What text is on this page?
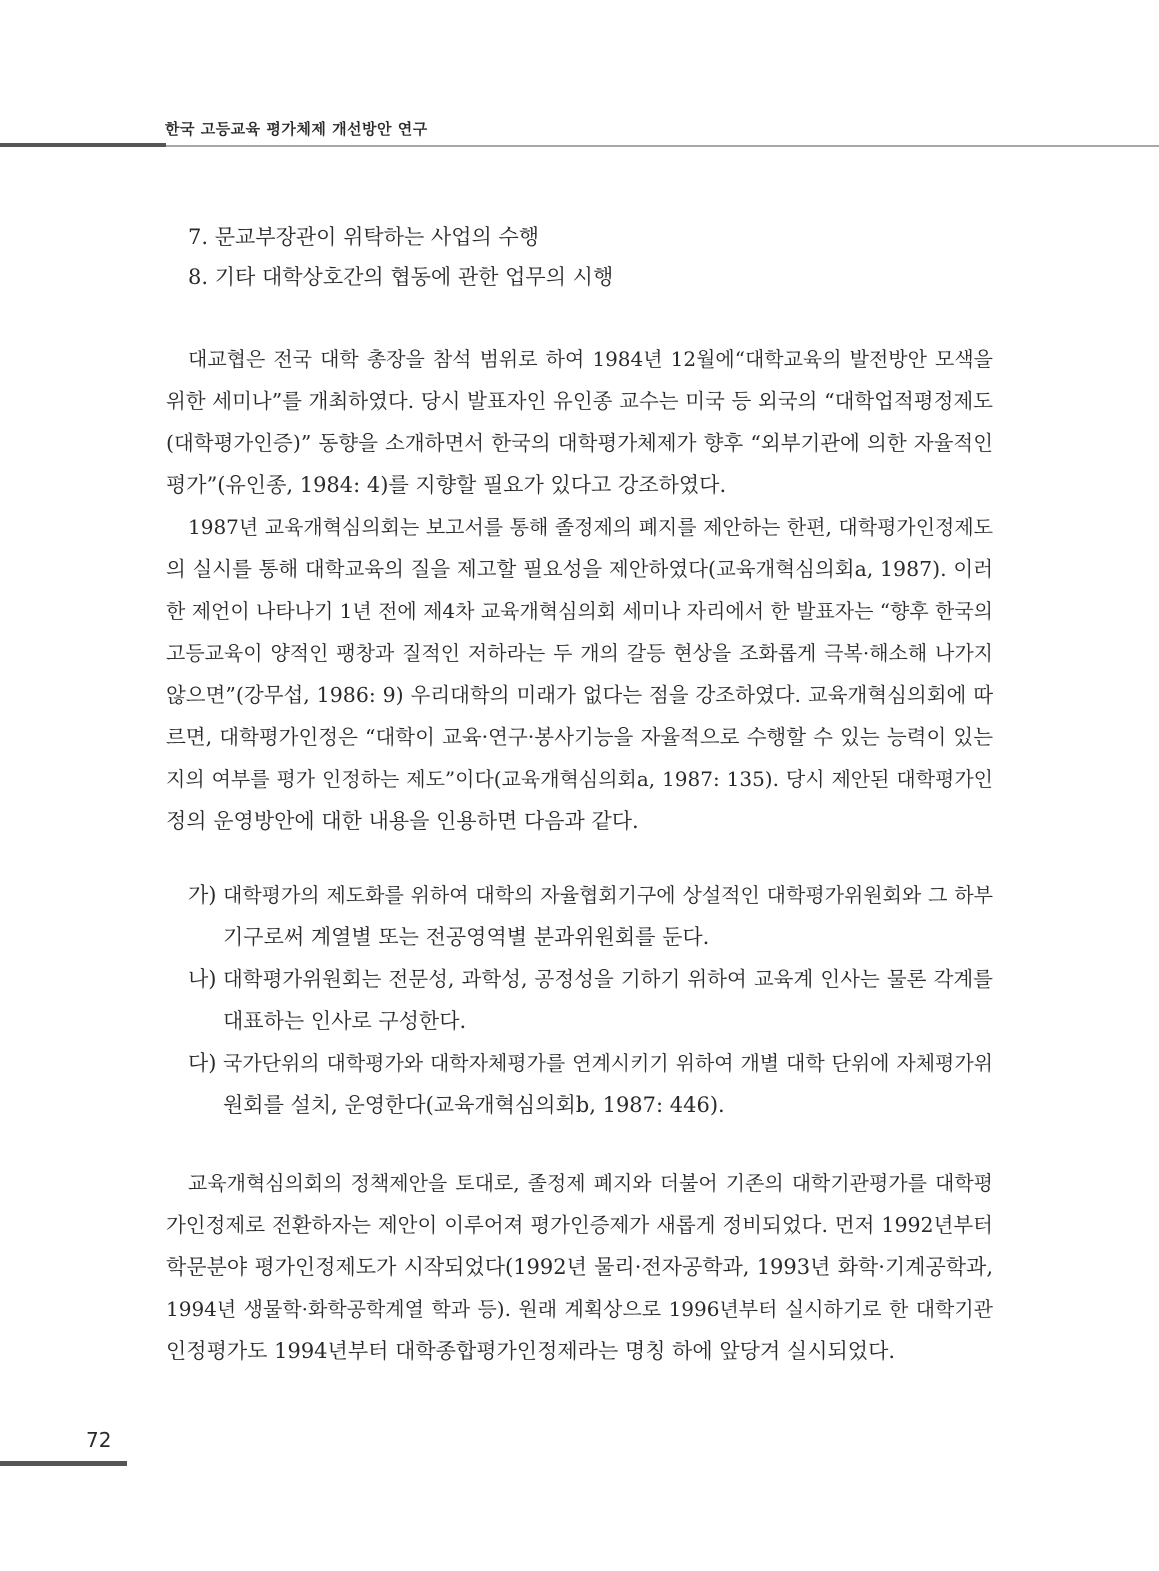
한국 고등교육 평가체제 개선방안 연구
7. 문교부장관이 위탁하는 사업의 수행
8. 기타 대학상호간의 협동에 관한 업무의 시행
대교협은 전국 대학 총장을 참석 범위로 하여 1984년 12월에“대학교육의 발전방안 모색을
위한 세미나”를 개최하였다. 당시 발표자인 유인종 교수는 미국 등 외국의 “대학업적평정제도
(대학평가인증)” 동향을 소개하면서 한국의 대학평가체제가 향후 “외부기관에 의한 자율적인
평가”(유인종, 1984: 4)를 지향할 필요가 있다고 강조하였다.
1987년 교육개혁심의회는 보고서를 통해 졸정제의 폐지를 제안하는 한편, 대학평가인정제도
의 실시를 통해 대학교육의 질을 제고할 필요성을 제안하였다(교육개혁심의회a, 1987). 이러
한 제언이 나타나기 1년 전에 제4차 교육개혁심의회 세미나 자리에서 한 발표자는 “향후 한국의
고등교육이 양적인 팽창과 질적인 저하라는 두 개의 갈등 현상을 조화롭게 극복·해소해 나가지
않으면”(강무섭, 1986: 9) 우리대학의 미래가 없다는 점을 강조하였다. 교육개혁심의회에 따
르면, 대학평가인정은 “대학이 교육·연구·봉사기능을 자율적으로 수행할 수 있는 능력이 있는
지의 여부를 평가 인정하는 제도”이다(교육개혁심의회a, 1987: 135). 당시 제안된 대학평가인
정의 운영방안에 대한 내용을 인용하면 다음과 같다.
가) 대학평가의 제도화를 위하여 대학의 자율협회기구에 상설적인 대학평가위원회와 그 하부
기구로써 계열별 또는 전공영역별 분과위원회를 둔다.
나) 대학평가위원회는 전문성, 과학성, 공정성을 기하기 위하여 교육계 인사는 물론 각계를
대표하는 인사로 구성한다.
다) 국가단위의 대학평가와 대학자체평가를 연계시키기 위하여 개별 대학 단위에 자체평가위
원회를 설치, 운영한다(교육개혁심의회b, 1987: 446).
교육개혁심의회의 정책제안을 토대로, 졸정제 폐지와 더불어 기존의 대학기관평가를 대학평
가인정제로 전환하자는 제안이 이루어져 평가인증제가 새롭게 정비되었다. 먼저 1992년부터
학문분야 평가인정제도가 시작되었다(1992년 물리·전자공학과, 1993년 화학·기계공학과,
1994년 생물학·화학공학계열 학과 등). 원래 계획상으로 1996년부터 실시하기로 한 대학기관
인정평가도 1994년부터 대학종합평가인정제라는 명칭 하에 앞당겨 실시되었다.
72
